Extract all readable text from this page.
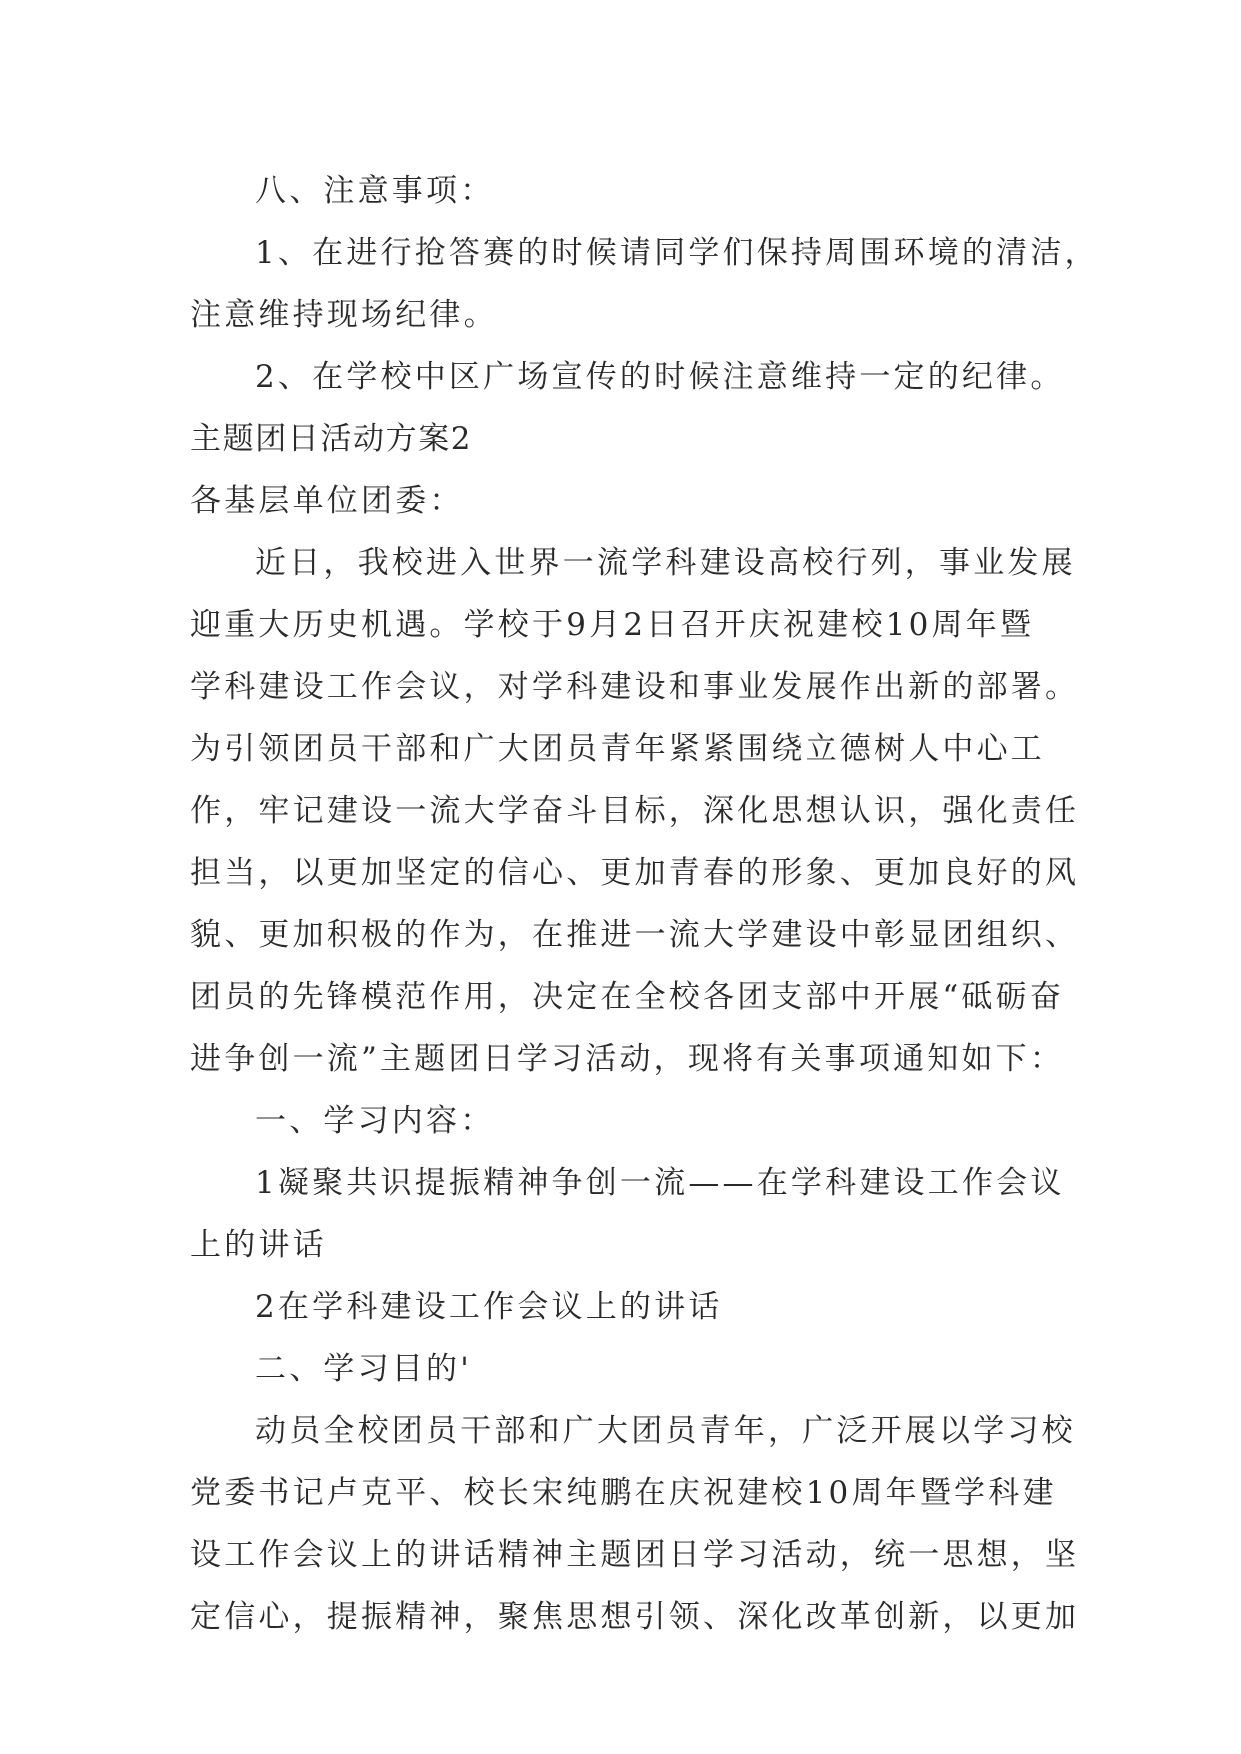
八、注意事项：
1、在进行抢答赛的时候请同学们保持周围环境的清洁，
注意维持现场纪律。
2、在学校中区广场宣传的时候注意维持一定的纪律。
主题团日活动方案2
各基层单位团委：
近日，我校进入世界一流学科建设高校行列，事业发展
迎重大历史机遇。学校于9月2日召开庆祝建校10周年暨
学科建设工作会议，对学科建设和事业发展作出新的部署。
为引领团员干部和广大团员青年紧紧围绕立德树人中心工
作，牢记建设一流大学奋斗目标，深化思想认识，强化责任
担当，以更加坚定的信心、更加青春的形象、更加良好的风
貌、更加积极的作为，在推进一流大学建设中彰显团组织、
团员的先锋模范作用，决定在全校各团支部中开展“砥砺奋
进争创一流”主题团日学习活动，现将有关事项通知如下：
一、学习内容：
1凝聚共识提振精神争创一流——在学科建设工作会议
上的讲话
2在学科建设工作会议上的讲话
二、学习目的'
动员全校团员干部和广大团员青年，广泛开展以学习校
党委书记卢克平、校长宋纯鹏在庆祝建校10周年暨学科建
设工作会议上的讲话精神主题团日学习活动，统一思想，坚
定信心，提振精神，聚焦思想引领、深化改革创新，以更加
